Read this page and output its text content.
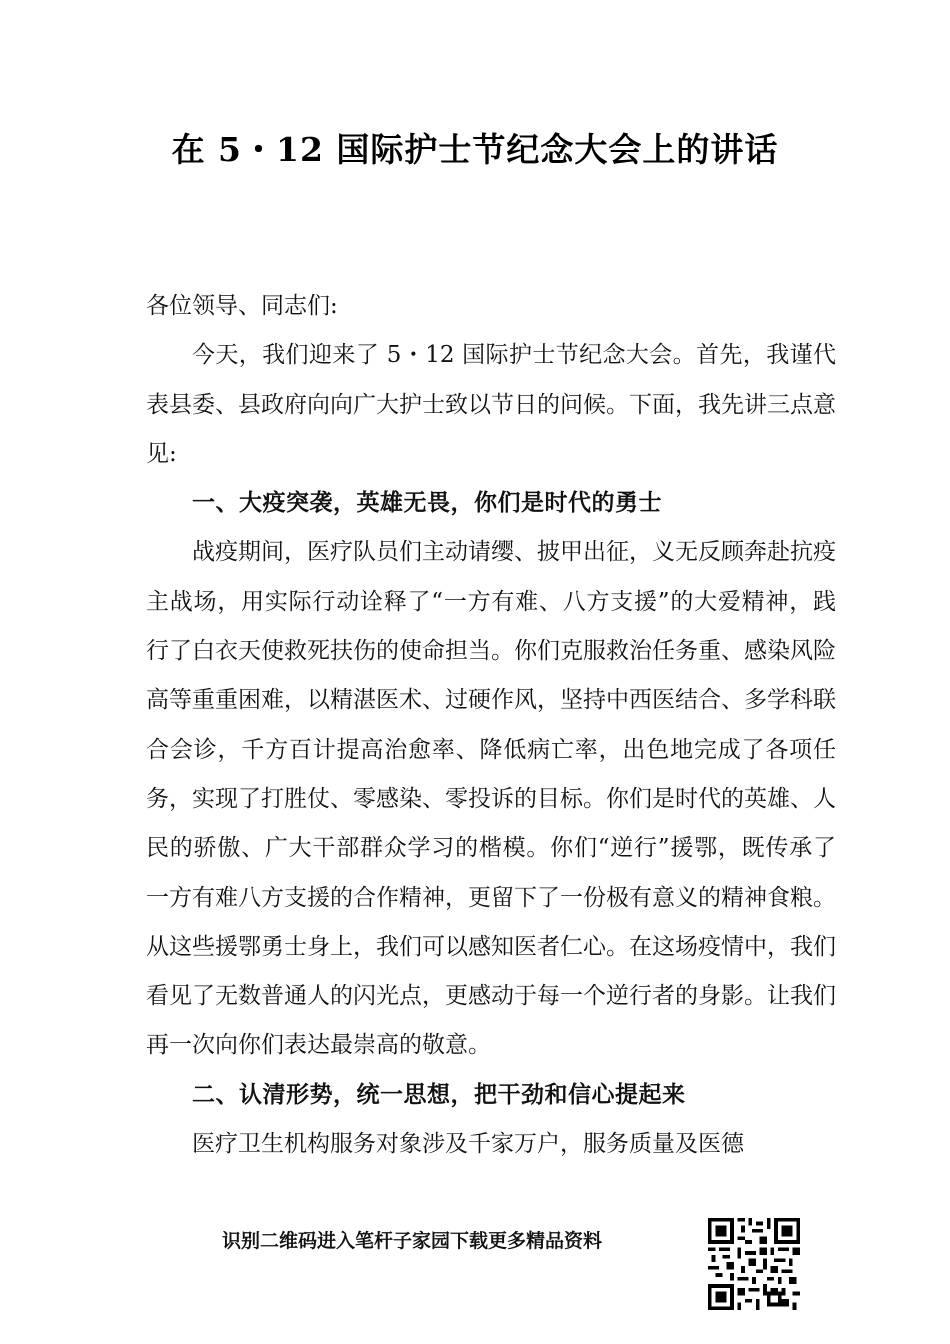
在 5・12 国际护士节纪念大会上的讲话

各位领导、同志们:

今天，我们迎来了 5・12 国际护士节纪念大会。首先，我谨代表县委、县政府向向广大护士致以节日的问候。下面，我先讲三点意见:

一、大疫突袭，英雄无畏，你们是时代的勇士

战疫期间，医疗队员们主动请缨、披甲出征，义无反顾奔赴抗疫主战场，用实际行动诠释了“一方有难、八方支援”的大爱精神，践行了白衣天使救死扶伤的使命担当。你们克服救治任务重、感染风险高等重重困难，以精湛医术、过硬作风，坚持中西医结合、多学科联合会诊，千方百计提高治愈率、降低病亡率，出色地完成了各项任务，实现了打胜仗、零感染、零投诉的目标。你们是时代的英雄、人民的骄傲、广大干部群众学习的楷模。你们“逆行”援鄂，既传承了一方有难八方支援的合作精神，更留下了一份极有意义的精神食粮。从这些援鄂勇士身上，我们可以感知医者仁心。在这场疫情中，我们看见了无数普通人的闪光点，更感动于每一个逆行者的身影。让我们再一次向你们表达最崇高的敬意。

二、认清形势，统一思想，把干劲和信心提起来

医疗卫生机构服务对象涉及千家万户，服务质量及医德

识别二维码进入笔杆子家园下载更多精品资料
